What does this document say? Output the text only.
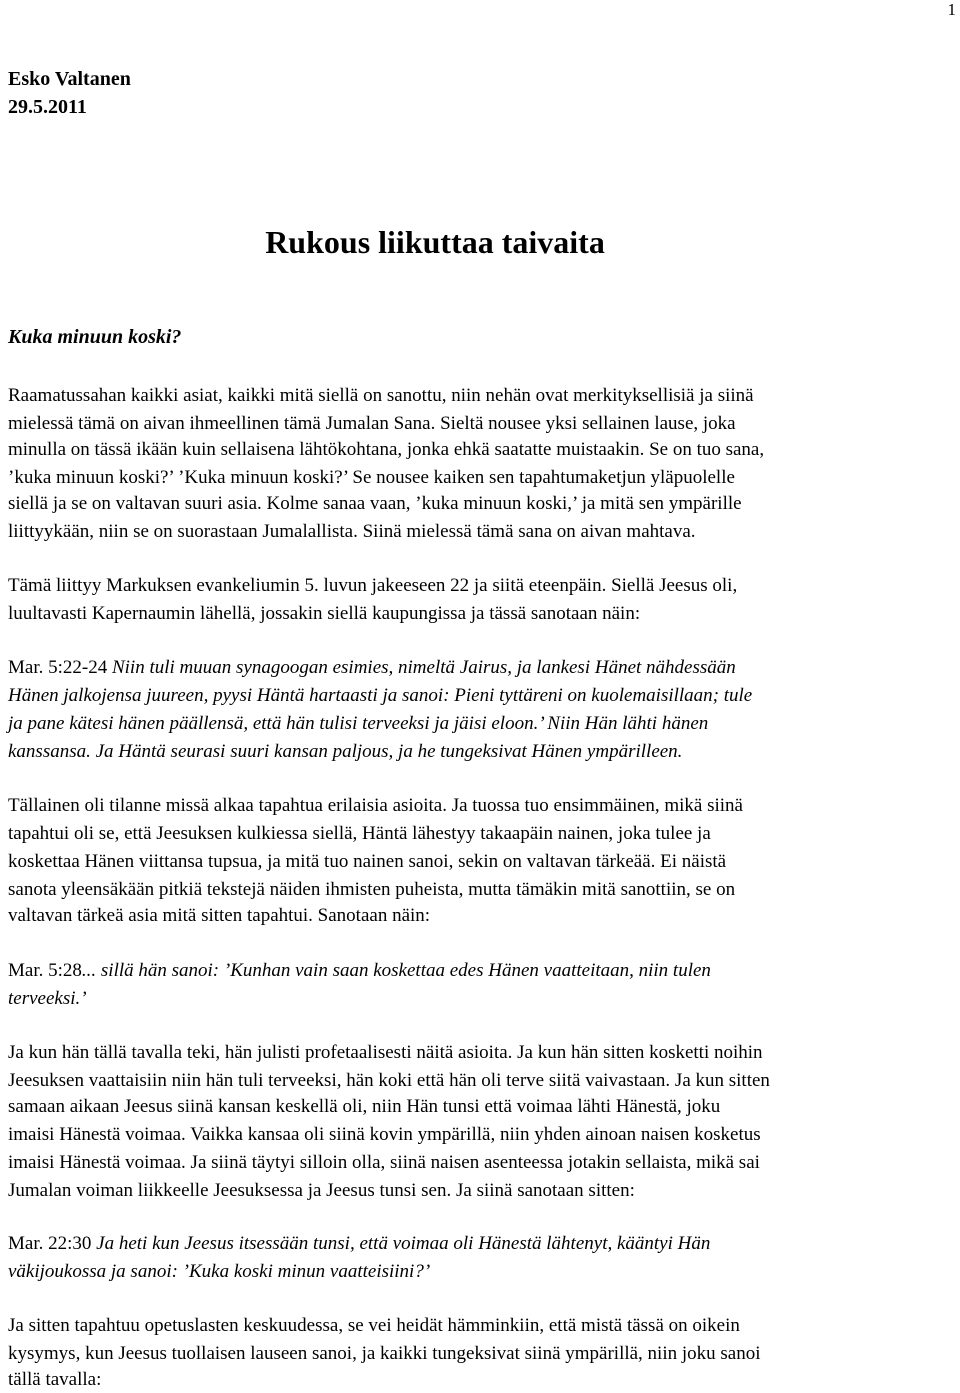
1
Esko Valtanen
29.5.2011
Rukous liikuttaa taivaita
Kuka minuun koski?
Raamatussahan kaikki asiat, kaikki mitä siellä on sanottu, niin nehän ovat merkityksellisiä ja siinä
mielessä tämä on aivan ihmeellinen tämä Jumalan Sana. Sieltä nousee yksi sellainen lause, joka
minulla on tässä ikään kuin sellaisena lähtökohtana, jonka ehkä saatatte muistaakin. Se on tuo sana,
’kuka minuun koski?’ ’Kuka minuun koski?’ Se nousee kaiken sen tapahtumaketjun yläpuolelle
siellä ja se on valtavan suuri asia. Kolme sanaa vaan, ’kuka minuun koski,’ ja mitä sen ympärille
liittyykään, niin se on suorastaan Jumalallista. Siinä mielessä tämä sana on aivan mahtava.
Tämä liittyy Markuksen evankeliumin 5. luvun jakeeseen 22 ja siitä eteenpäin. Siellä Jeesus oli,
luultavasti Kapernaumin lähellä, jossakin siellä kaupungissa ja tässä sanotaan näin:
Mar. 5:22-24 Niin tuli muuan synagoogan esimies, nimeltä Jairus, ja lankesi Hänet nähdessään
Hänen jalkojensa juureen, pyysi Häntä hartaasti ja sanoi: Pieni tyttäreni on kuolemaisillaan; tule
ja pane kätesi hänen päällensä, että hän tulisi terveeksi ja jäisi eloon.’ Niin Hän lähti hänen
kanssansa. Ja Häntä seurasi suuri kansan paljous, ja he tungeksivat Hänen ympärilleen.
Tällainen oli tilanne missä alkaa tapahtua erilaisia asioita. Ja tuossa tuo ensimmäinen, mikä siinä
tapahtui oli se, että Jeesuksen kulkiessa siellä, Häntä lähestyy takaapäin nainen, joka tulee ja
koskettaa Hänen viittansa tupsua, ja mitä tuo nainen sanoi, sekin on valtavan tärkeää. Ei näistä
sanota yleensäkään pitkiä tekstejä näiden ihmisten puheista, mutta tämäkin mitä sanottiin, se on
valtavan tärkeä asia mitä sitten tapahtui. Sanotaan näin:
Mar. 5:28... sillä hän sanoi: ’Kunhan vain saan koskettaa edes Hänen vaatteitaan, niin tulen
terveeksi.’
Ja kun hän tällä tavalla teki, hän julisti profetaalisesti näitä asioita. Ja kun hän sitten kosketti noihin
Jeesuksen vaattaisiin niin hän tuli terveeksi, hän koki että hän oli terve siitä vaivastaan. Ja kun sitten
samaan aikaan Jeesus siinä kansan keskellä oli, niin Hän tunsi että voimaa lähti Hänestä, joku
imaisi Hänestä voimaa. Vaikka kansaa oli siinä kovin ympärillä, niin yhden ainoan naisen kosketus
imaisi Hänestä voimaa. Ja siinä täytyi silloin olla, siinä naisen asenteessa jotakin sellaista, mikä sai
Jumalan voiman liikkeelle Jeesuksessa ja Jeesus tunsi sen. Ja siinä sanotaan sitten:
Mar. 22:30 Ja heti kun Jeesus itsessään tunsi, että voimaa oli Hänestä lähtenyt, kääntyi Hän
väkijoukossa ja sanoi: ’Kuka koski minun vaatteisiini?’
Ja sitten tapahtuu opetuslasten keskuudessa, se vei heidät hämminkiin, että mistä tässä on oikein
kysymys, kun Jeesus tuollaisen lauseen sanoi, ja kaikki tungeksivat siinä ympärillä, niin joku sanoi
tällä tavalla:
